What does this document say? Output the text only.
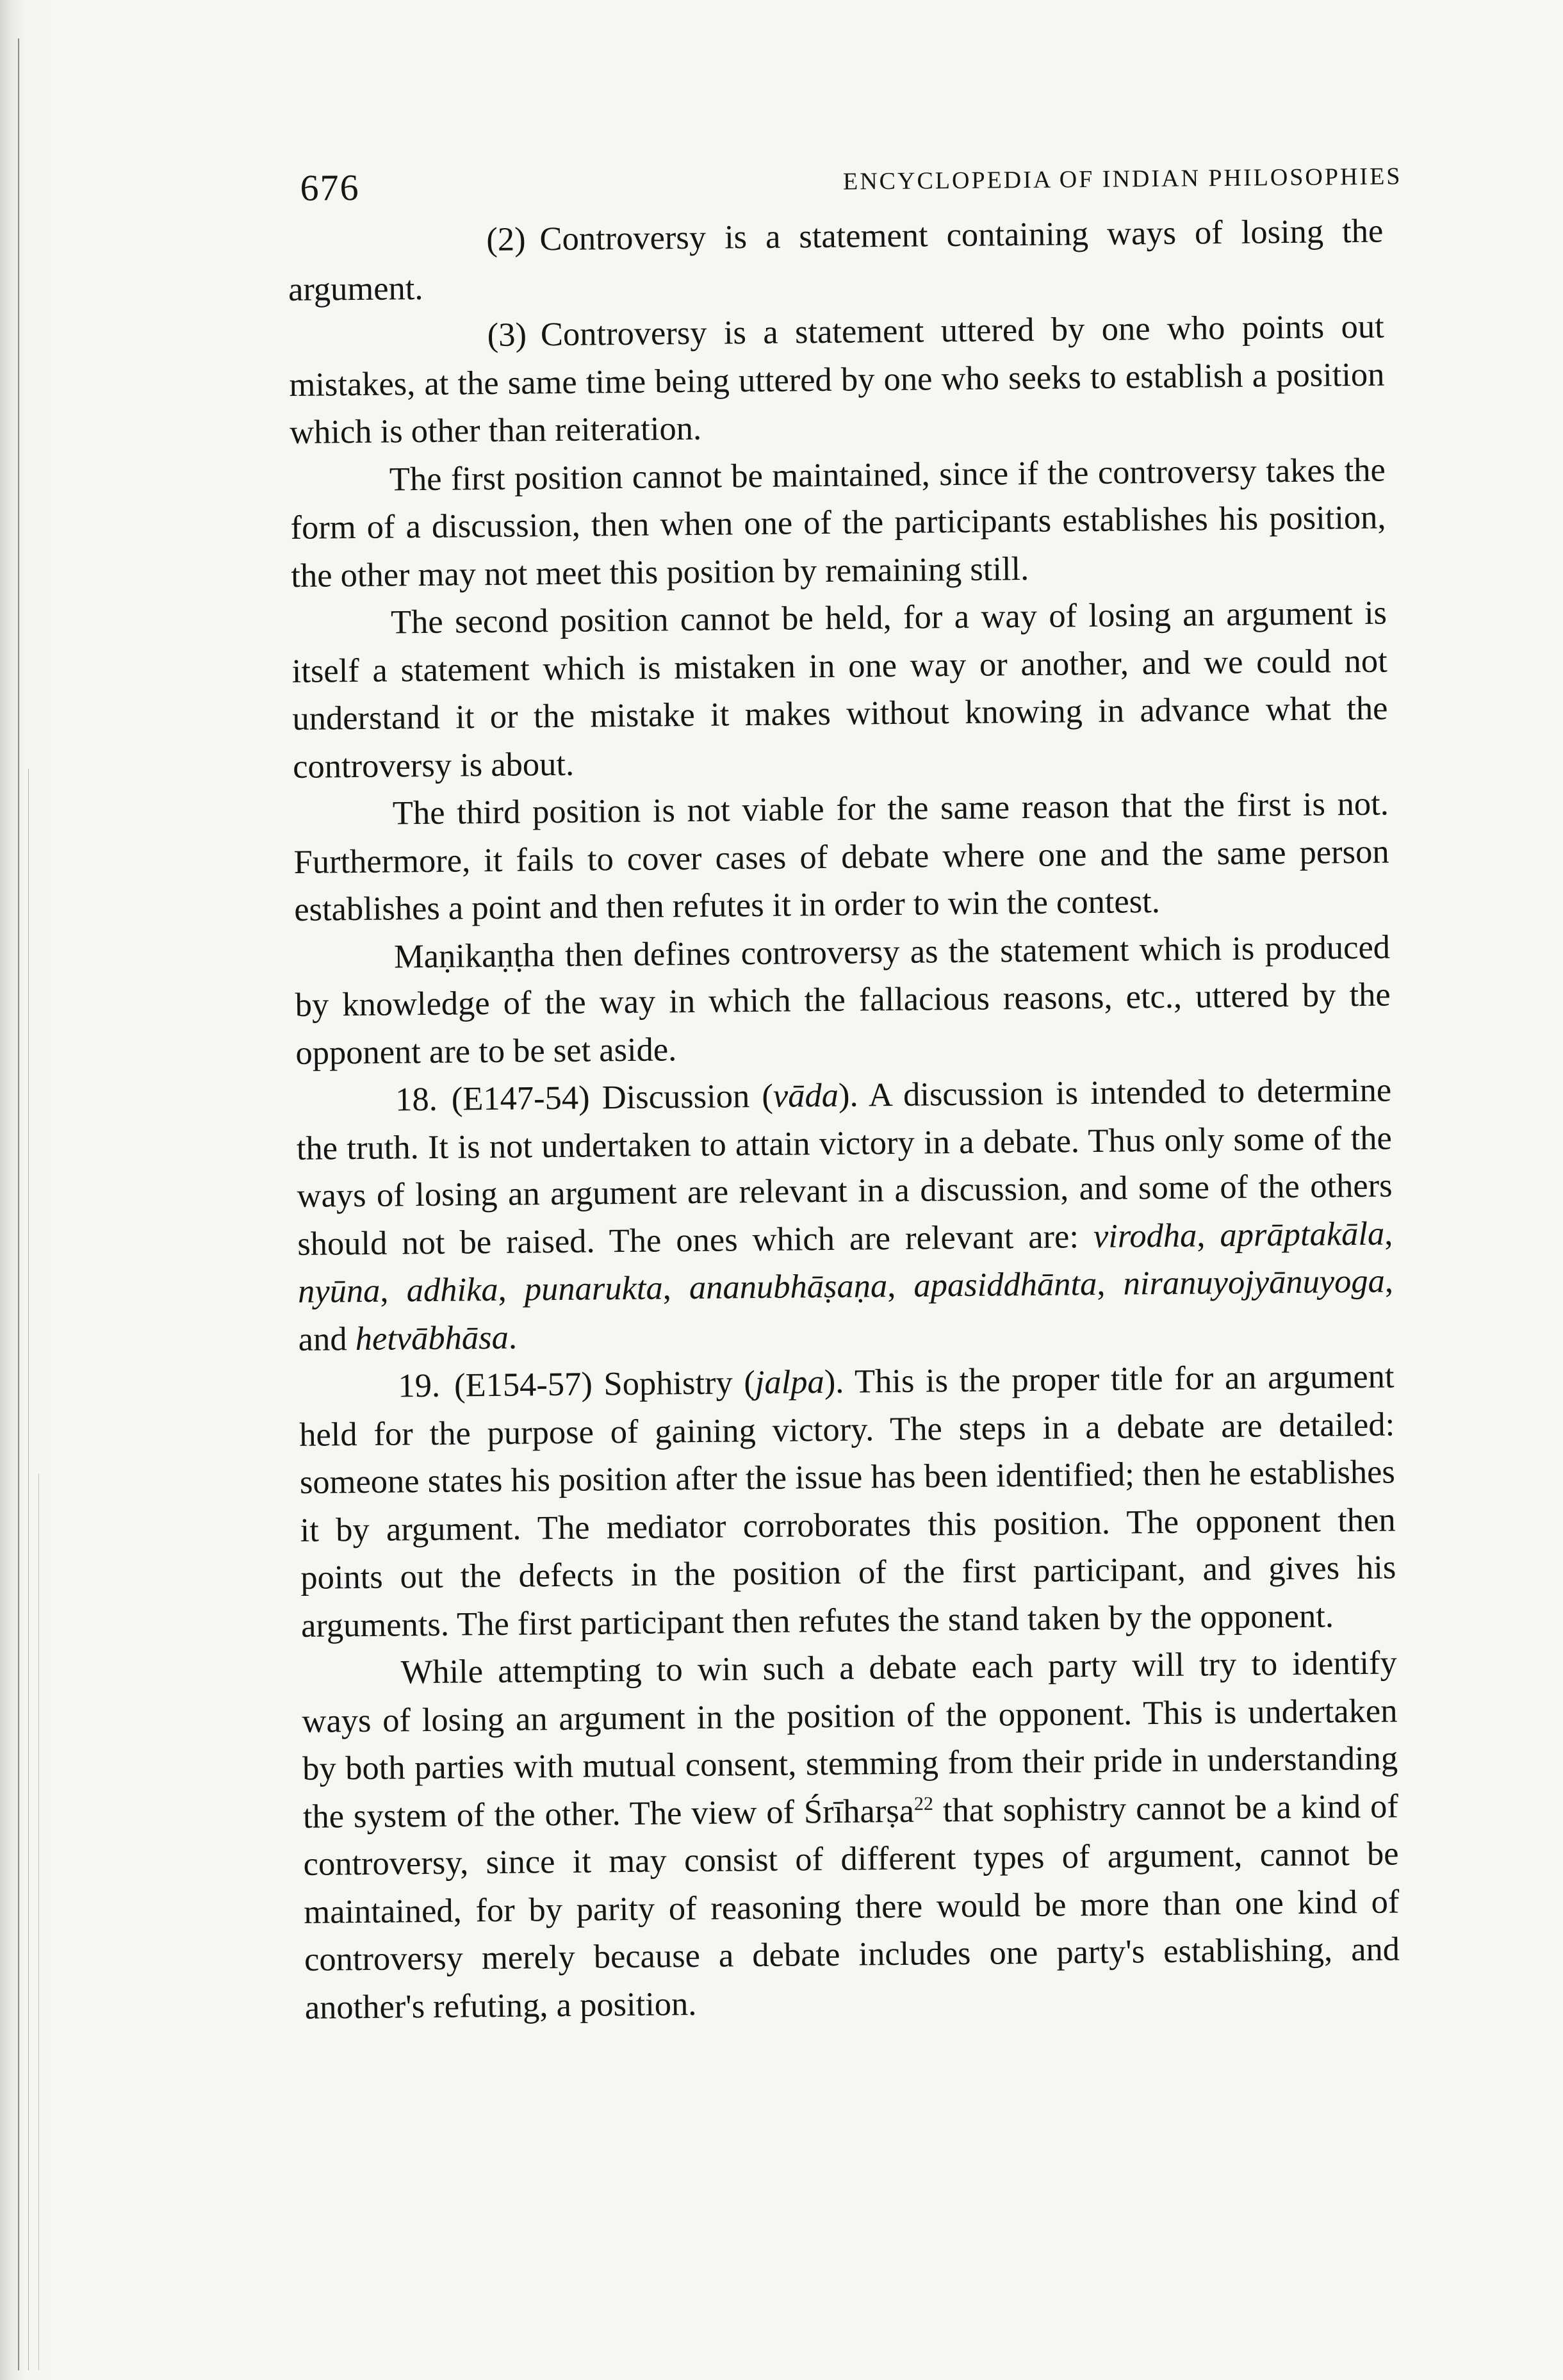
676	ENCYCLOPEDIA OF INDIAN PHILOSOPHIES

(2) Controversy is a statement containing ways of losing the argument.

(3) Controversy is a statement uttered by one who points out mistakes, at the same time being uttered by one who seeks to establish a position which is other than reiteration.

The first position cannot be maintained, since if the controversy takes the form of a discussion, then when one of the participants establishes his position, the other may not meet this position by remaining still.

The second position cannot be held, for a way of losing an argument is itself a statement which is mistaken in one way or another, and we could not understand it or the mistake it makes without knowing in advance what the controversy is about.

The third position is not viable for the same reason that the first is not. Furthermore, it fails to cover cases of debate where one and the same person establishes a point and then refutes it in order to win the contest.

Maṇikaṇṭha then defines controversy as the statement which is produced by knowledge of the way in which the fallacious reasons, etc., uttered by the opponent are to be set aside.

18. (E147-54) Discussion (vāda). A discussion is intended to determine the truth. It is not undertaken to attain victory in a debate. Thus only some of the ways of losing an argument are relevant in a discussion, and some of the others should not be raised. The ones which are relevant are: virodha, aprāptakāla, nyūna, adhika, punarukta, ananubhāṣaṇa, apasiddhānta, niranuyojyānuyoga, and hetvābhāsa.

19. (E154-57) Sophistry (jalpa). This is the proper title for an argument held for the purpose of gaining victory. The steps in a debate are detailed: someone states his position after the issue has been identified; then he establishes it by argument. The mediator corroborates this position. The opponent then points out the defects in the position of the first participant, and gives his arguments. The first participant then refutes the stand taken by the opponent.

While attempting to win such a debate each party will try to identify ways of losing an argument in the position of the opponent. This is undertaken by both parties with mutual consent, stemming from their pride in understanding the system of the other. The view of Śrīharṣa$^{22}$ that sophistry cannot be a kind of controversy, since it may consist of different types of argument, cannot be maintained, for by parity of reasoning there would be more than one kind of controversy merely because a debate includes one party's establishing, and another's refuting, a position.
